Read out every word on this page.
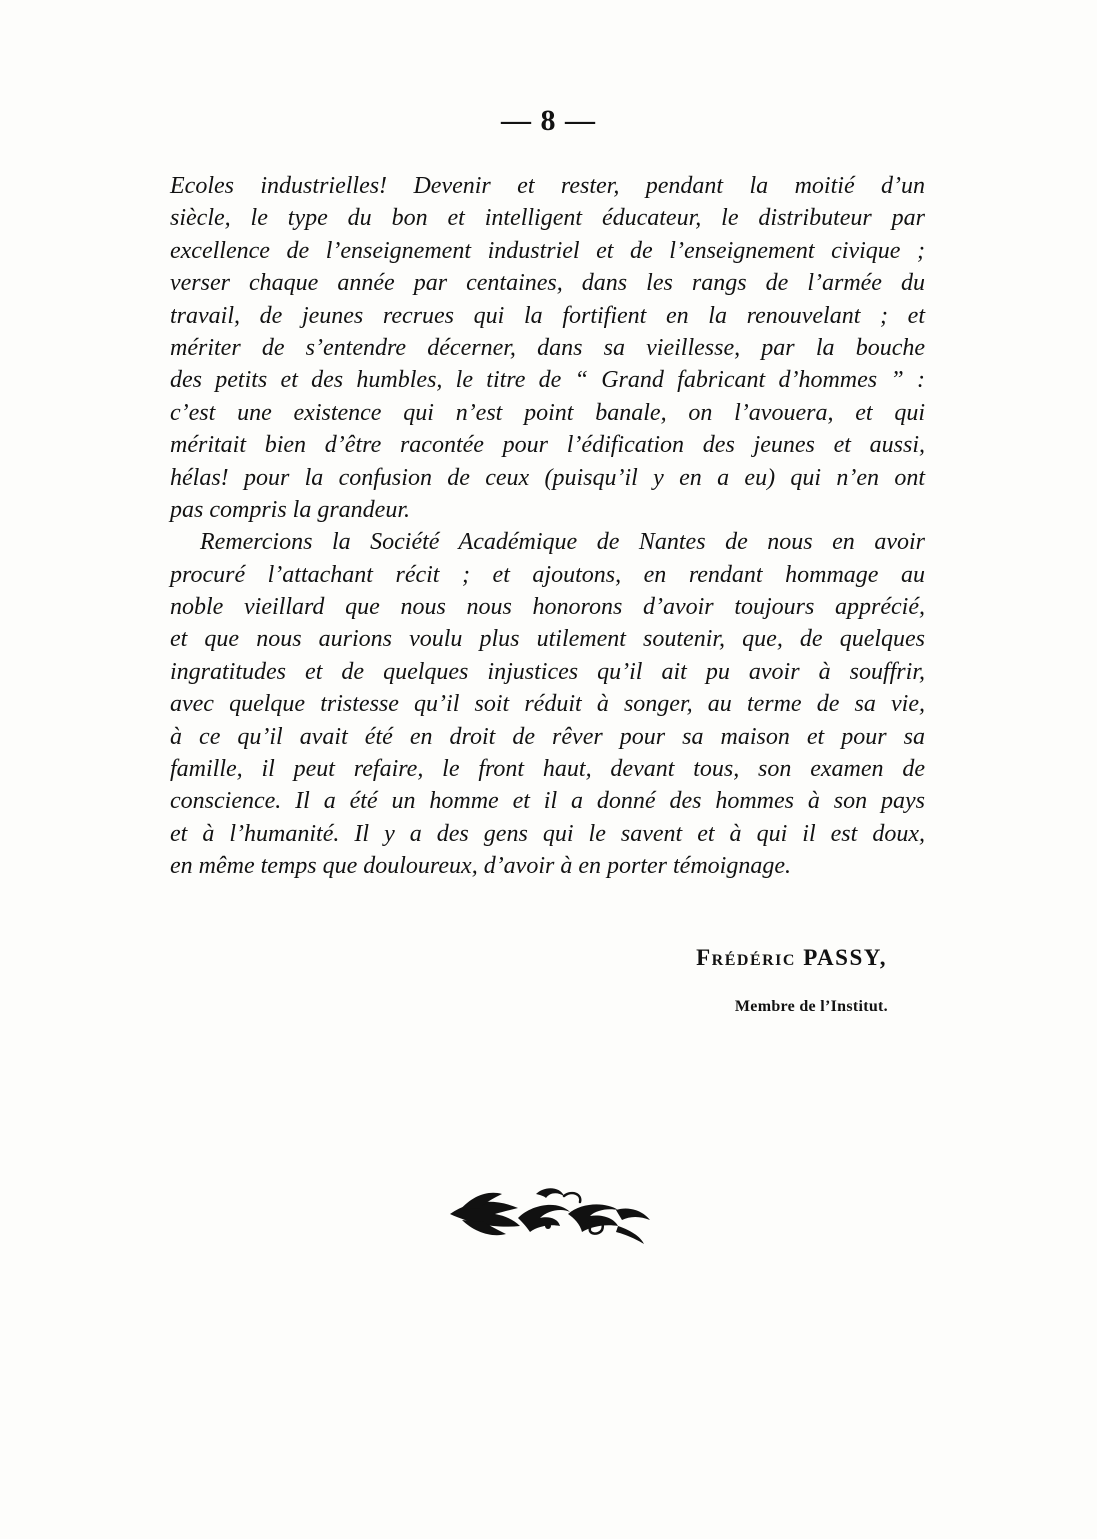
— 8 —
Ecoles industrielles! Devenir et rester, pendant la moitié d’un
siècle, le type du bon et intelligent éducateur, le distributeur par
excellence de l’enseignement industriel et de l’enseignement civique ;
verser chaque année par centaines, dans les rangs de l’armée du
travail, de jeunes recrues qui la fortifient en la renouvelant ; et
mériter de s’entendre décerner, dans sa vieillesse, par la bouche
des petits et des humbles, le titre de “ Grand fabricant d’hommes ” :
c’est une existence qui n’est point banale, on l’avouera, et qui
méritait bien d’être racontée pour l’édification des jeunes et aussi,
hélas! pour la confusion de ceux (puisqu’il y en a eu) qui n’en ont
pas compris la grandeur.
Remercions la Société Académique de Nantes de nous en avoir
procuré l’attachant récit ; et ajoutons, en rendant hommage au
noble vieillard que nous nous honorons d’avoir toujours apprécié,
et que nous aurions voulu plus utilement soutenir, que, de quelques
ingratitudes et de quelques injustices qu’il ait pu avoir à souffrir,
avec quelque tristesse qu’il soit réduit à songer, au terme de sa vie,
à ce qu’il avait été en droit de rêver pour sa maison et pour sa
famille, il peut refaire, le front haut, devant tous, son examen de
conscience. Il a été un homme et il a donné des hommes à son pays
et à l’humanité. Il y a des gens qui le savent et à qui il est doux,
en même temps que douloureux, d’avoir à en porter témoignage.
Frédéric PASSY,
Membre de l’Institut.
